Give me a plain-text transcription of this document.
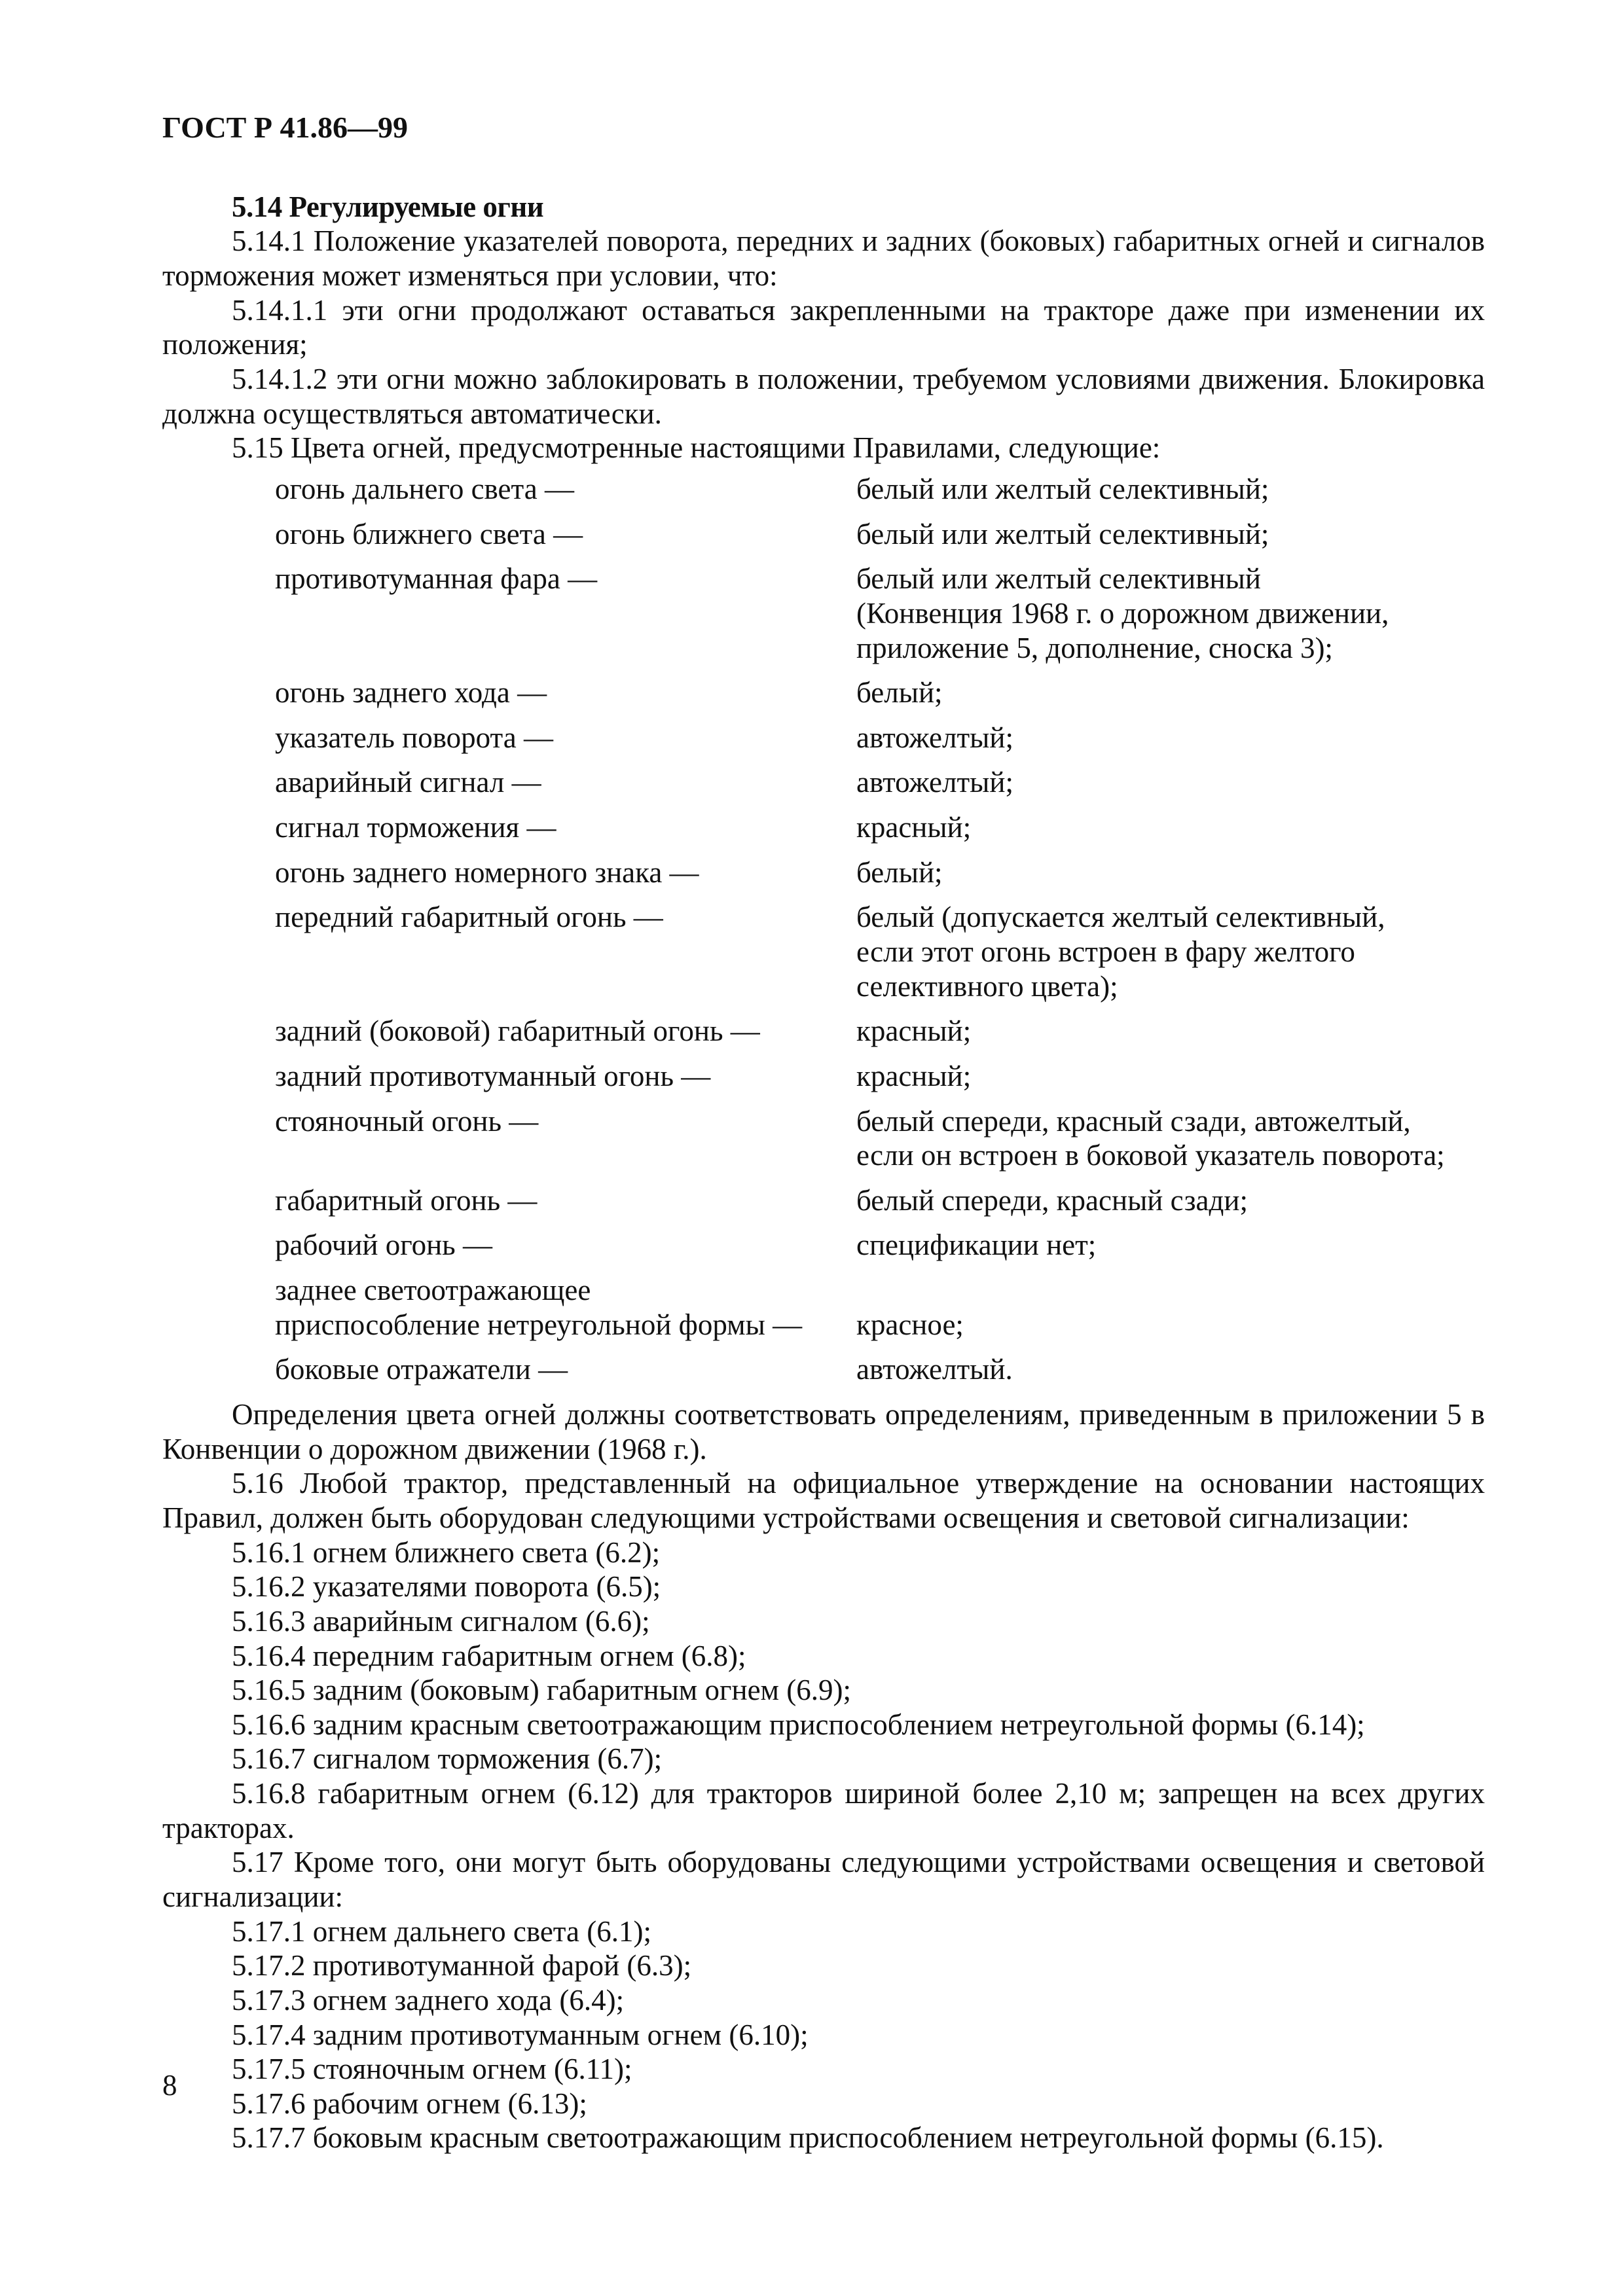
ГОСТ Р 41.86—99
5.14 Регулируемые огни
5.14.1 Положение указателей поворота, передних и задних (боковых) габаритных огней и сигналов торможения может изменяться при условии, что:
5.14.1.1 эти огни продолжают оставаться закрепленными на тракторе даже при изменении их положения;
5.14.1.2 эти огни можно заблокировать в положении, требуемом условиями движения. Блокировка должна осуществляться автоматически.
5.15 Цвета огней, предусмотренные настоящими Правилами, следующие:
огонь дальнего света —	белый или желтый селективный;
огонь ближнего света —	белый или желтый селективный;
противотуманная фара —	белый или желтый селективный
(Конвенция 1968 г. о дорожном движении,
приложение 5, дополнение, сноска 3);
огонь заднего хода —	белый;
указатель поворота —	автожелтый;
аварийный сигнал —	автожелтый;
сигнал торможения —	красный;
огонь заднего номерного знака —	белый;
передний габаритный огонь —	белый (допускается желтый селективный,
если этот огонь встроен в фару желтого
селективного цвета);
задний (боковой) габаритный огонь —	красный;
задний противотуманный огонь —	красный;
стояночный огонь —	белый спереди, красный сзади, автожелтый,
если он встроен в боковой указатель поворота;
габаритный огонь —	белый спереди, красный сзади;
рабочий огонь —	спецификации нет;
заднее светоотражающее
приспособление нетреугольной формы —	красное;
боковые отражатели —	автожелтый.
Определения цвета огней должны соответствовать определениям, приведенным в приложении 5 в Конвенции о дорожном движении (1968 г.).
5.16 Любой трактор, представленный на официальное утверждение на основании настоящих Правил, должен быть оборудован следующими устройствами освещения и световой сигнализации:
5.16.1 огнем ближнего света (6.2);
5.16.2 указателями поворота (6.5);
5.16.3 аварийным сигналом (6.6);
5.16.4 передним габаритным огнем (6.8);
5.16.5 задним (боковым) габаритным огнем (6.9);
5.16.6 задним красным светоотражающим приспособлением нетреугольной формы (6.14);
5.16.7 сигналом торможения (6.7);
5.16.8 габаритным огнем (6.12) для тракторов шириной более 2,10 м; запрещен на всех других тракторах.
5.17 Кроме того, они могут быть оборудованы следующими устройствами освещения и световой сигнализации:
5.17.1 огнем дальнего света (6.1);
5.17.2 противотуманной фарой (6.3);
5.17.3 огнем заднего хода (6.4);
5.17.4 задним противотуманным огнем (6.10);
5.17.5 стояночным огнем (6.11);
5.17.6 рабочим огнем (6.13);
5.17.7 боковым красным светоотражающим приспособлением нетреугольной формы (6.15).
8
